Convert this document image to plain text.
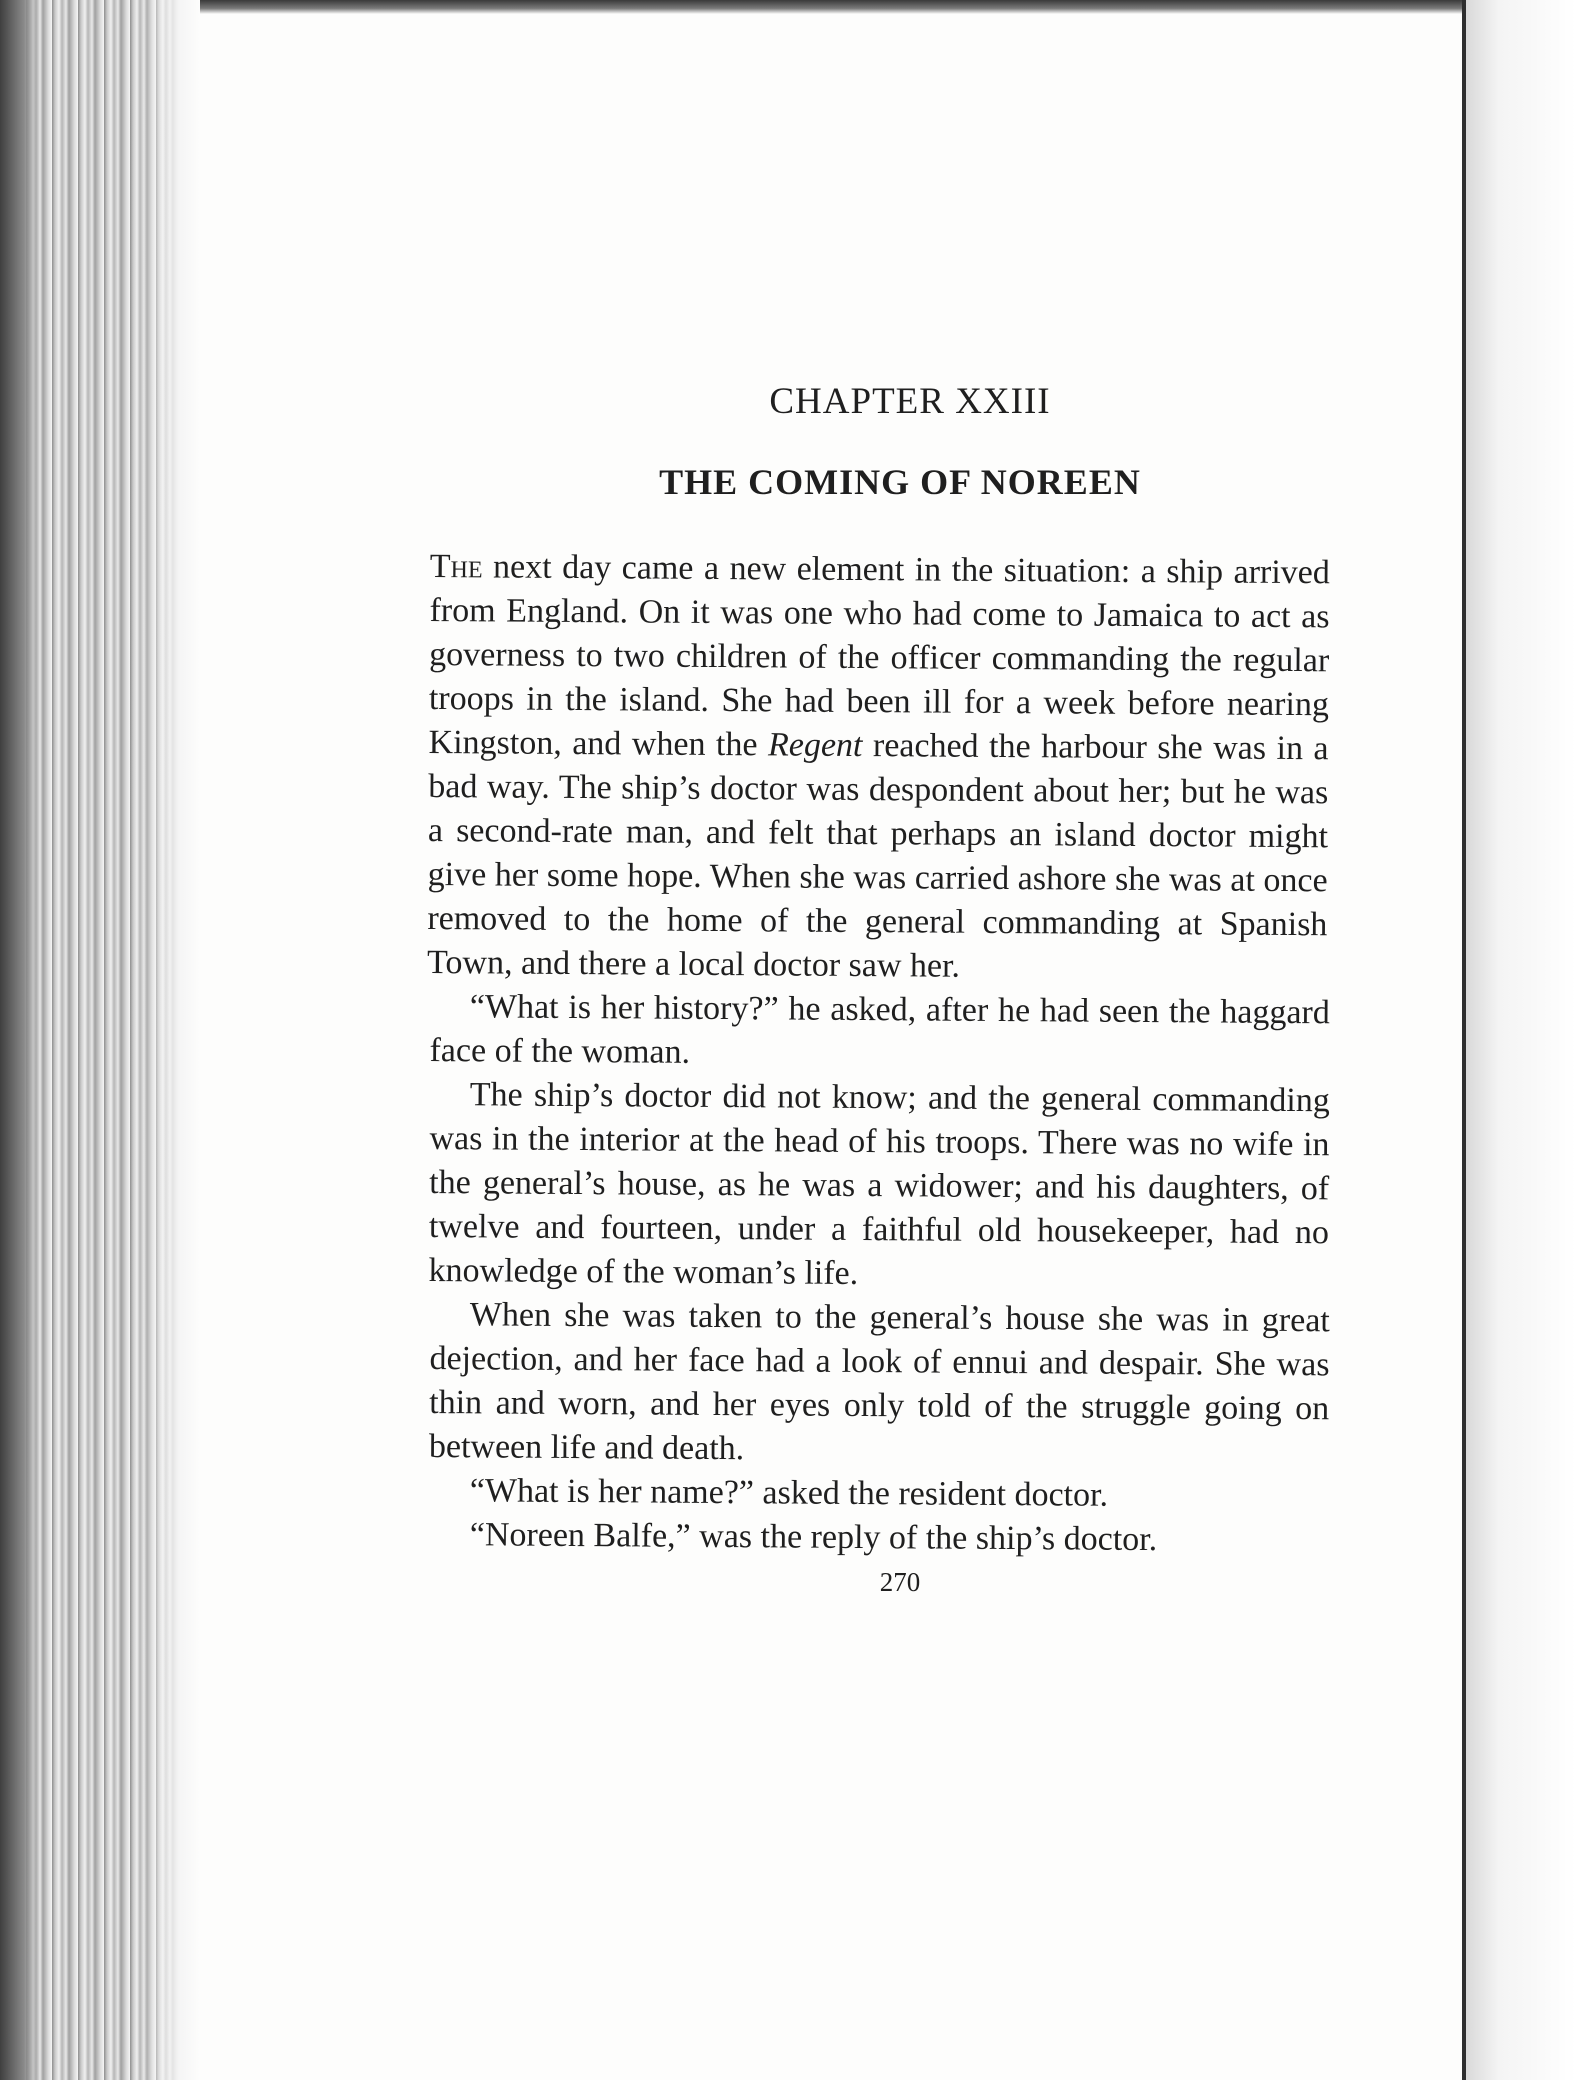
CHAPTER XXIII
THE COMING OF NOREEN

The next day came a new element in the situation: a ship arrived from England. On it was one who had come to Jamaica to act as governess to two children of the officer commanding the regular troops in the island. She had been ill for a week before nearing Kingston, and when the Regent reached the harbour she was in a bad way. The ship’s doctor was despondent about her; but he was a second-rate man, and felt that perhaps an island doctor might give her some hope. When she was carried ashore she was at once removed to the home of the general commanding at Spanish Town, and there a local doctor saw her.

“What is her history?” he asked, after he had seen the haggard face of the woman.

The ship’s doctor did not know; and the general commanding was in the interior at the head of his troops. There was no wife in the general’s house, as he was a widower; and his daughters, of twelve and fourteen, under a faithful old housekeeper, had no knowledge of the woman’s life.

When she was taken to the general’s house she was in great dejection, and her face had a look of ennui and despair. She was thin and worn, and her eyes only told of the struggle going on between life and death.

“What is her name?” asked the resident doctor.

“Noreen Balfe,” was the reply of the ship’s doctor.

270
